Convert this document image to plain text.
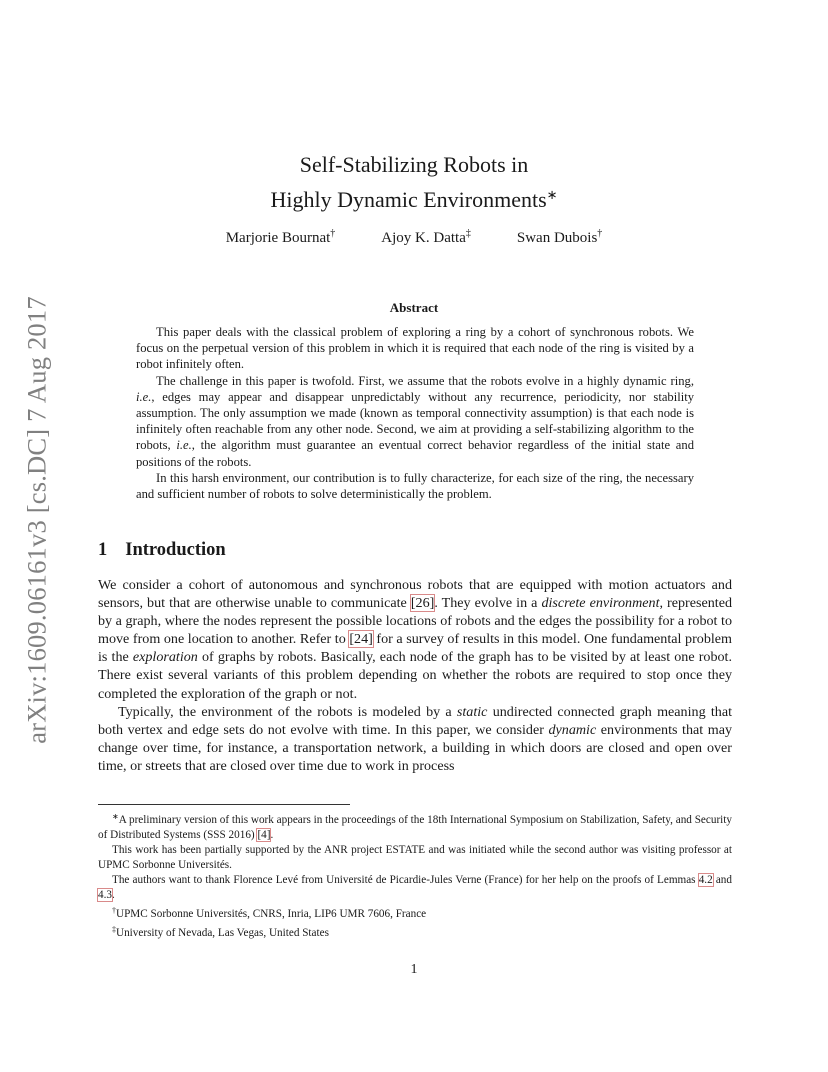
arXiv:1609.06161v3 [cs.DC] 7 Aug 2017
Self-Stabilizing Robots in
Highly Dynamic Environments∗
Marjorie Bournat†	Ajoy K. Datta‡	Swan Dubois†
Abstract

This paper deals with the classical problem of exploring a ring by a cohort of synchronous robots. We focus on the perpetual version of this problem in which it is required that each node of the ring is visited by a robot infinitely often.

The challenge in this paper is twofold. First, we assume that the robots evolve in a highly dynamic ring, i.e., edges may appear and disappear unpredictably without any recurrence, periodicity, nor stability assumption. The only assumption we made (known as temporal connectivity assumption) is that each node is infinitely often reachable from any other node. Second, we aim at providing a self-stabilizing algorithm to the robots, i.e., the algorithm must guarantee an eventual correct behavior regardless of the initial state and positions of the robots.

In this harsh environment, our contribution is to fully characterize, for each size of the ring, the necessary and sufficient number of robots to solve deterministically the problem.

1 Introduction

We consider a cohort of autonomous and synchronous robots that are equipped with motion actuators and sensors, but that are otherwise unable to communicate [26]. They evolve in a discrete environment, represented by a graph, where the nodes represent the possible locations of robots and the edges the possibility for a robot to move from one location to another. Refer to [24] for a survey of results in this model. One fundamental problem is the exploration of graphs by robots. Basically, each node of the graph has to be visited by at least one robot. There exist several variants of this problem depending on whether the robots are required to stop once they completed the exploration of the graph or not.

Typically, the environment of the robots is modeled by a static undirected connected graph meaning that both vertex and edge sets do not evolve with time. In this paper, we consider dynamic environments that may change over time, for instance, a transportation network, a building in which doors are closed and open over time, or streets that are closed over time due to work in process

∗A preliminary version of this work appears in the proceedings of the 18th International Symposium on Stabilization, Safety, and Security of Distributed Systems (SSS 2016) [4].

This work has been partially supported by the ANR project ESTATE and was initiated while the second author was visiting professor at UPMC Sorbonne Universités.

The authors want to thank Florence Levé from Université de Picardie-Jules Verne (France) for her help on the proofs of Lemmas 4.2 and 4.3.

†UPMC Sorbonne Universités, CNRS, Inria, LIP6 UMR 7606, France

‡University of Nevada, Las Vegas, United States

1
